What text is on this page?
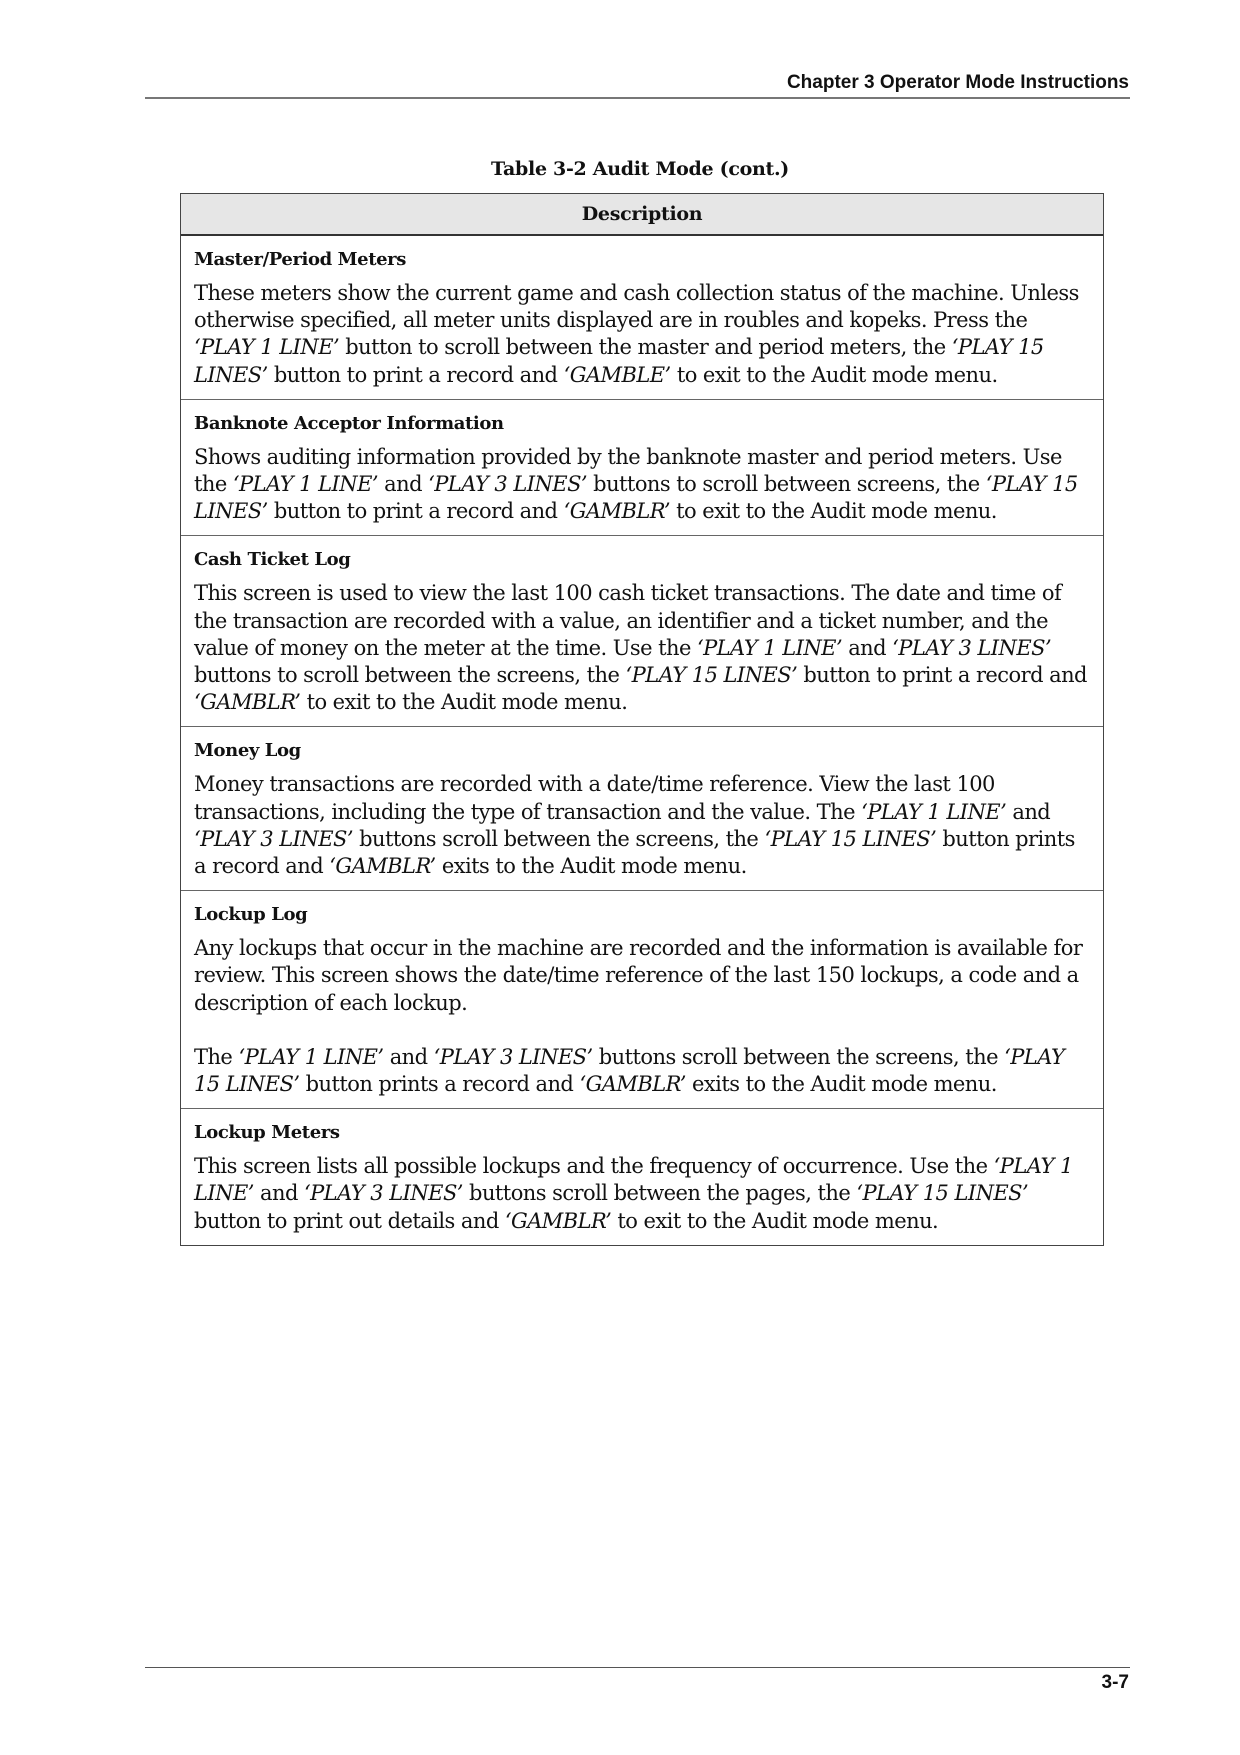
Chapter 3 Operator Mode Instructions
Table 3-2 Audit Mode (cont.)
Description
Master/Period Meters

These meters show the current game and cash collection status of the machine. Unless otherwise specified, all meter units displayed are in roubles and kopeks. Press the ‘PLAY 1 LINE’ button to scroll between the master and period meters, the ‘PLAY 15 LINES’ button to print a record and ‘GAMBLE’ to exit to the Audit mode menu.

Banknote Acceptor Information

Shows auditing information provided by the banknote master and period meters. Use the ‘PLAY 1 LINE’ and ‘PLAY 3 LINES’ buttons to scroll between screens, the ‘PLAY 15 LINES’ button to print a record and ‘GAMBLR’ to exit to the Audit mode menu.

Cash Ticket Log

This screen is used to view the last 100 cash ticket transactions. The date and time of the transaction are recorded with a value, an identifier and a ticket number, and the value of money on the meter at the time. Use the ‘PLAY 1 LINE’ and ‘PLAY 3 LINES’ buttons to scroll between the screens, the ‘PLAY 15 LINES’ button to print a record and ‘GAMBLR’ to exit to the Audit mode menu.

Money Log

Money transactions are recorded with a date/time reference. View the last 100 transactions, including the type of transaction and the value. The ‘PLAY 1 LINE’ and ‘PLAY 3 LINES’ buttons scroll between the screens, the ‘PLAY 15 LINES’ button prints a record and ‘GAMBLR’ exits to the Audit mode menu.

Lockup Log

Any lockups that occur in the machine are recorded and the information is available for review. This screen shows the date/time reference of the last 150 lockups, a code and a description of each lockup.

The ‘PLAY 1 LINE’ and ‘PLAY 3 LINES’ buttons scroll between the screens, the ‘PLAY 15 LINES’ button prints a record and ‘GAMBLR’ exits to the Audit mode menu.

Lockup Meters

This screen lists all possible lockups and the frequency of occurrence. Use the ‘PLAY 1 LINE’ and ‘PLAY 3 LINES’ buttons scroll between the pages, the ‘PLAY 15 LINES’ button to print out details and ‘GAMBLR’ to exit to the Audit mode menu.

3-7
